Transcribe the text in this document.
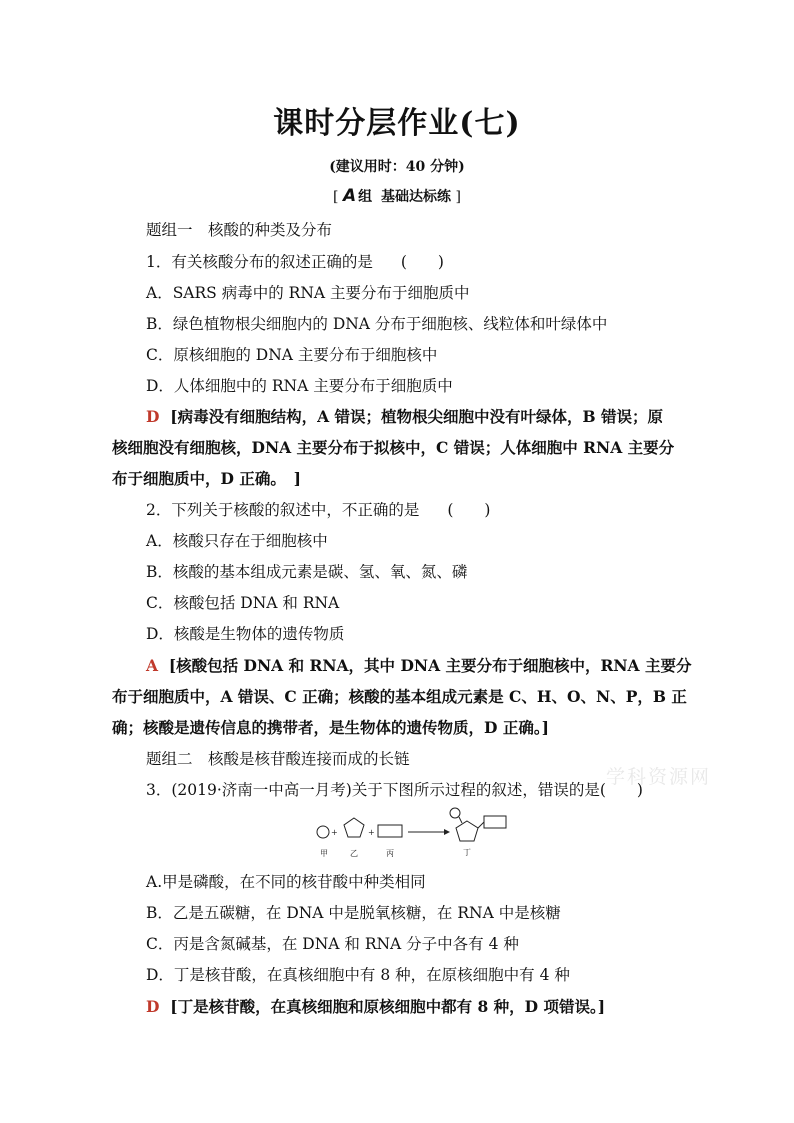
课时分层作业(七)
(建议用时：40 分钟)
[ A 组 基础达标练 ]
题组一　核酸的种类及分布
1．有关核酸分布的叙述正确的是 (　　)
A．SARS 病毒中的 RNA 主要分布于细胞质中
B．绿色植物根尖细胞内的 DNA 分布于细胞核、线粒体和叶绿体中
C．原核细胞的 DNA 主要分布于细胞核中
D．人体细胞中的 RNA 主要分布于细胞质中
D [病毒没有细胞结构，A 错误；植物根尖细胞中没有叶绿体，B 错误；原
核细胞没有细胞核，DNA 主要分布于拟核中，C 错误；人体细胞中 RNA 主要分
布于细胞质中，D 正确。　]
2．下列关于核酸的叙述中，不正确的是 (　　)
A．核酸只存在于细胞核中
B．核酸的基本组成元素是碳、氢、氧、氮、磷
C．核酸包括 DNA 和 RNA
D．核酸是生物体的遗传物质
A [核酸包括 DNA 和 RNA，其中 DNA 主要分布于细胞核中，RNA 主要分
布于细胞质中，A 错误、C 正确；核酸的基本组成元素是 C、H、O、N、P，B 正
确；核酸是遗传信息的携带者，是生物体的遗传物质，D 正确。]
题组二　核酸是核苷酸连接而成的长链
3．(2019·济南一中高一月考)关于下图所示过程的叙述，错误的是(　　)
学科资源网
+	+
甲	乙	丙	丁
A.甲是磷酸，在不同的核苷酸中种类相同
B．乙是五碳糖，在 DNA 中是脱氧核糖，在 RNA 中是核糖
C．丙是含氮碱基，在 DNA 和 RNA 分子中各有 4 种
D．丁是核苷酸，在真核细胞中有 8 种，在原核细胞中有 4 种
D [丁是核苷酸，在真核细胞和原核细胞中都有 8 种，D 项错误。]
